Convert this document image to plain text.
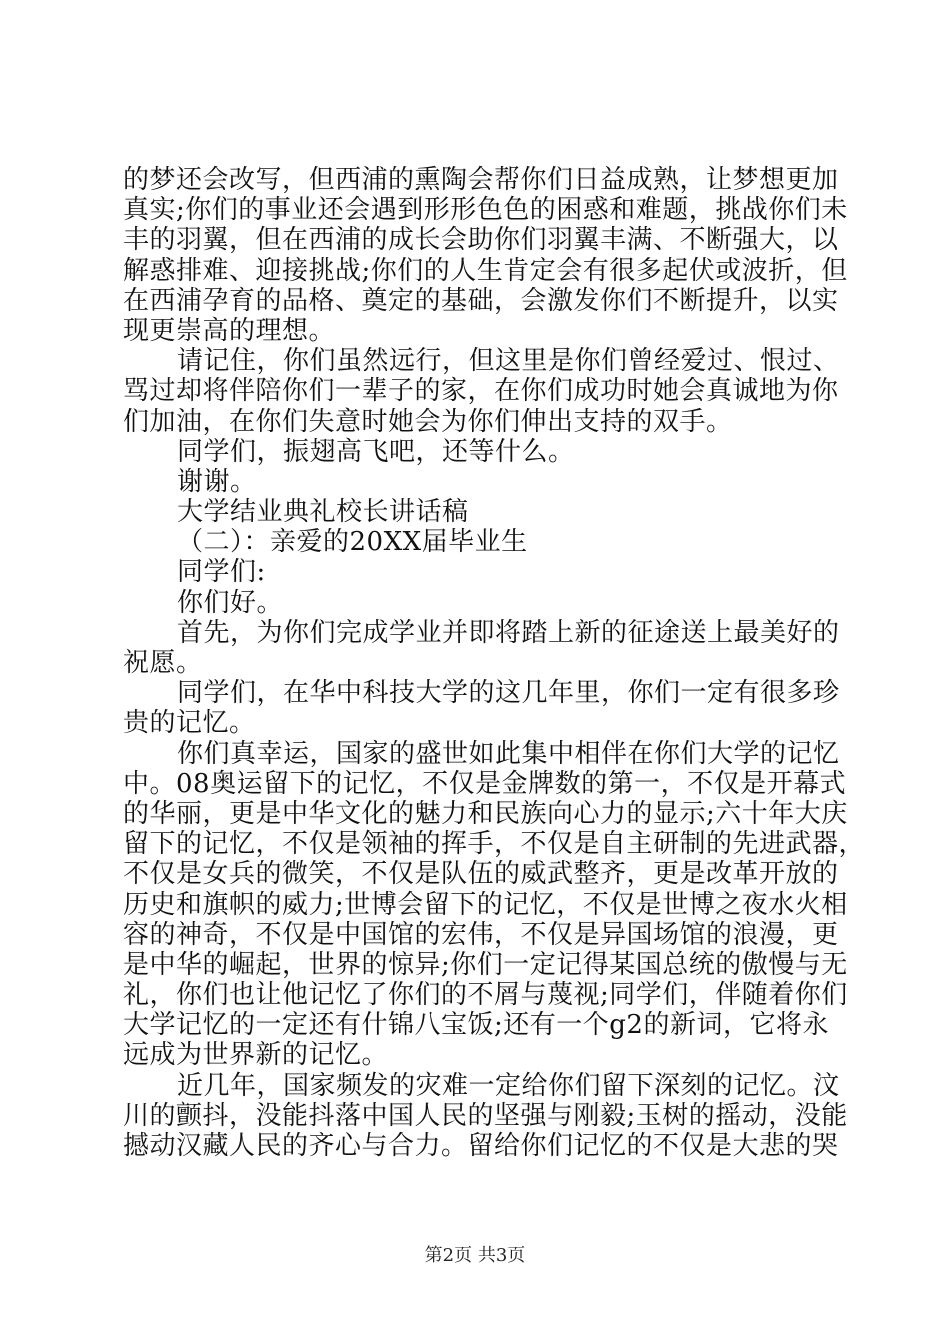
的梦还会改写，但西浦的熏陶会帮你们日益成熟，让梦想更加
真实;你们的事业还会遇到形形色色的困惑和难题，挑战你们未
丰的羽翼，但在西浦的成长会助你们羽翼丰满、不断强大，以
解惑排难、迎接挑战;你们的人生肯定会有很多起伏或波折，但
在西浦孕育的品格、奠定的基础，会激发你们不断提升，以实
现更崇高的理想。
请记住，你们虽然远行，但这里是你们曾经爱过、恨过、
骂过却将伴陪你们一辈子的家，在你们成功时她会真诚地为你
们加油，在你们失意时她会为你们伸出支持的双手。
同学们，振翅高飞吧，还等什么。
谢谢。
大学结业典礼校长讲话稿
（二）：亲爱的20XX届毕业生
同学们:
你们好。
首先，为你们完成学业并即将踏上新的征途送上最美好的
祝愿。
同学们，在华中科技大学的这几年里，你们一定有很多珍
贵的记忆。
你们真幸运，国家的盛世如此集中相伴在你们大学的记忆
中。08奥运留下的记忆，不仅是金牌数的第一，不仅是开幕式
的华丽，更是中华文化的魅力和民族向心力的显示;六十年大庆
留下的记忆，不仅是领袖的挥手，不仅是自主研制的先进武器，
不仅是女兵的微笑，不仅是队伍的威武整齐，更是改革开放的
历史和旗帜的威力;世博会留下的记忆，不仅是世博之夜水火相
容的神奇，不仅是中国馆的宏伟，不仅是异国场馆的浪漫，更
是中华的崛起，世界的惊异;你们一定记得某国总统的傲慢与无
礼，你们也让他记忆了你们的不屑与蔑视;同学们，伴随着你们
大学记忆的一定还有什锦八宝饭;还有一个g2的新词，它将永
远成为世界新的记忆。
近几年，国家频发的灾难一定给你们留下深刻的记忆。汶
川的颤抖，没能抖落中国人民的坚强与刚毅;玉树的摇动，没能
撼动汉藏人民的齐心与合力。留给你们记忆的不仅是大悲的哭
第2页 共3页
